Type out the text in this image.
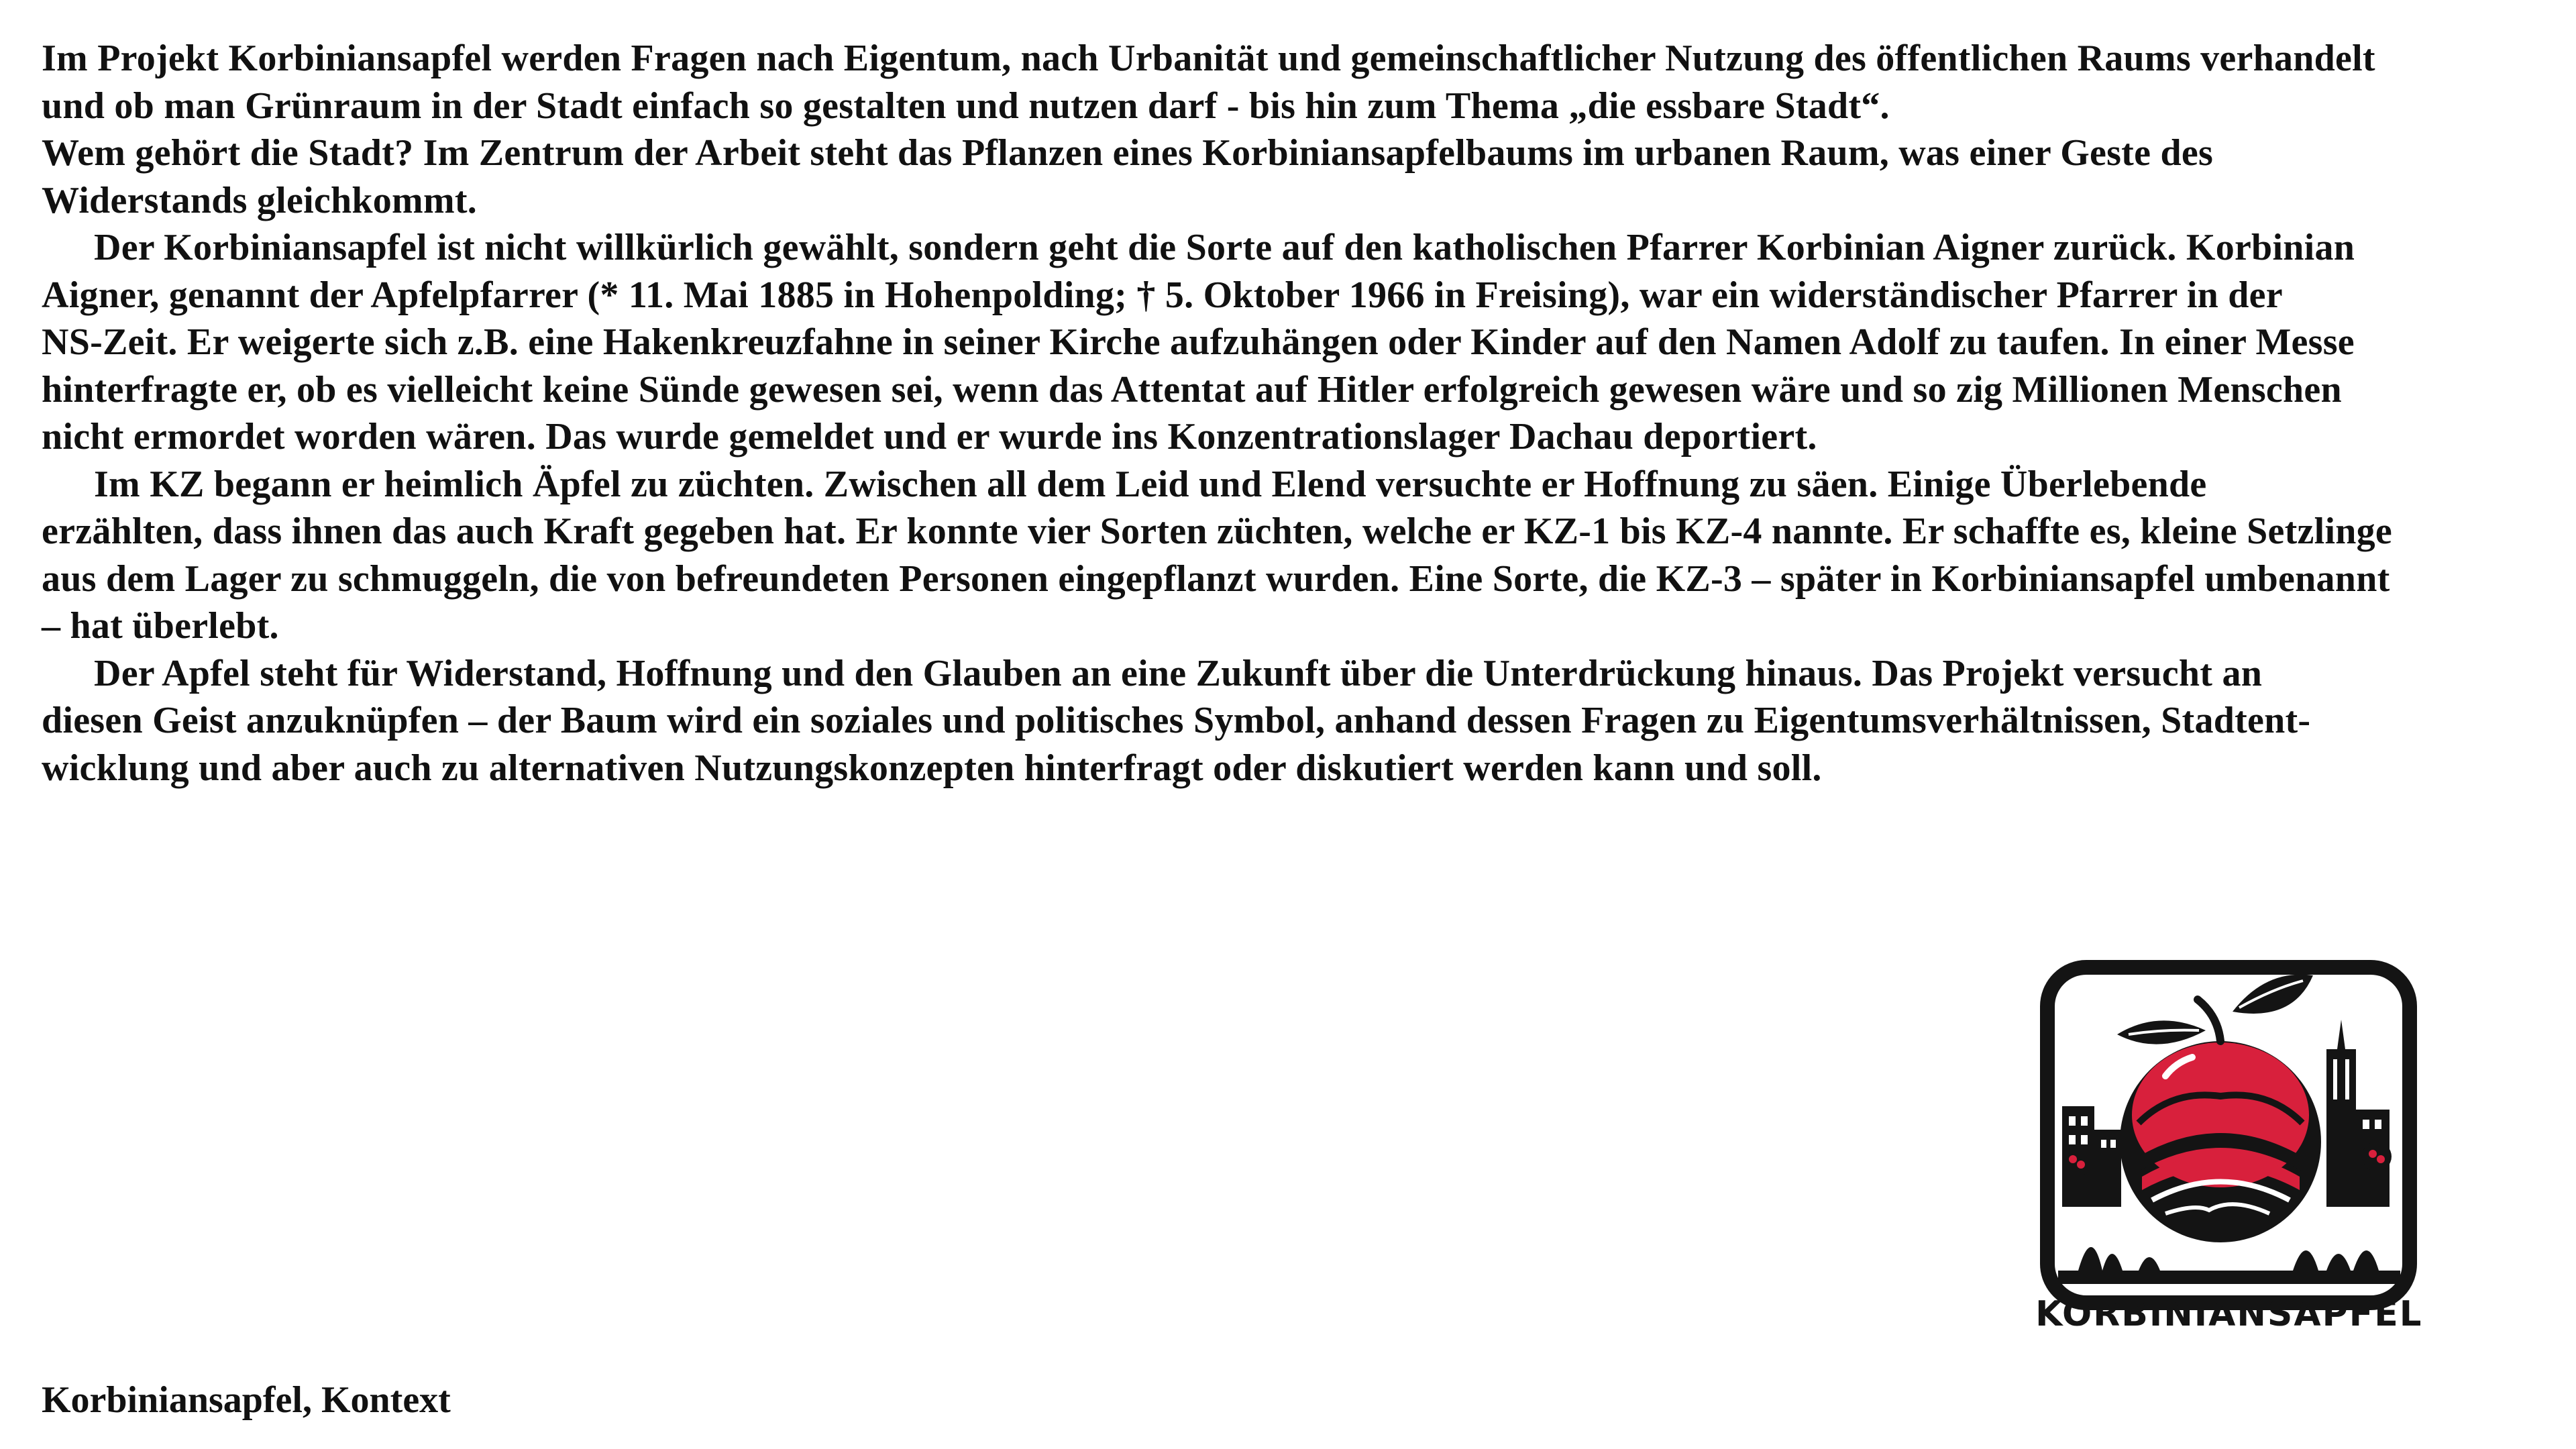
Im Projekt Korbiniansapfel werden Fragen nach Eigentum, nach Urbanität und gemeinschaftlicher Nutzung des öffentlichen Raums verhandelt
und ob man Grünraum in der Stadt einfach so gestalten und nutzen darf - bis hin zum Thema „die essbare Stadt“.
Wem gehört die Stadt? Im Zentrum der Arbeit steht das Pflanzen eines Korbiniansapfelbaums im urbanen Raum, was einer Geste des
Widerstands gleichkommt.
Der Korbiniansapfel ist nicht willkürlich gewählt, sondern geht die Sorte auf den katholischen Pfarrer Korbinian Aigner zurück. Korbinian
Aigner, genannt der Apfelpfarrer (* 11. Mai 1885 in Hohenpolding; † 5. Oktober 1966 in Freising), war ein widerständischer Pfarrer in der
NS-Zeit. Er weigerte sich z.B. eine Hakenkreuzfahne in seiner Kirche aufzuhängen oder Kinder auf den Namen Adolf zu taufen. In einer Messe
hinterfragte er, ob es vielleicht keine Sünde gewesen sei, wenn das Attentat auf Hitler erfolgreich gewesen wäre und so zig Millionen Menschen
nicht ermordet worden wären. Das wurde gemeldet und er wurde ins Konzentrationslager Dachau deportiert.
Im KZ begann er heimlich Äpfel zu züchten. Zwischen all dem Leid und Elend versuchte er Hoffnung zu säen. Einige Überlebende
erzählten, dass ihnen das auch Kraft gegeben hat. Er konnte vier Sorten züchten, welche er KZ-1 bis KZ-4 nannte. Er schaffte es, kleine Setzlinge
aus dem Lager zu schmuggeln, die von befreundeten Personen eingepflanzt wurden. Eine Sorte, die KZ-3 – später in Korbiniansapfel umbenannt
– hat überlebt.
Der Apfel steht für Widerstand, Hoffnung und den Glauben an eine Zukunft über die Unterdrückung hinaus. Das Projekt versucht an
diesen Geist anzuknüpfen – der Baum wird ein soziales und politisches Symbol, anhand dessen Fragen zu Eigentumsverhältnissen, Stadtent-
wicklung und aber auch zu alternativen Nutzungskonzepten hinterfragt oder diskutiert werden kann und soll.
KORBINIANSAPFEL
Korbiniansapfel, Kontext
